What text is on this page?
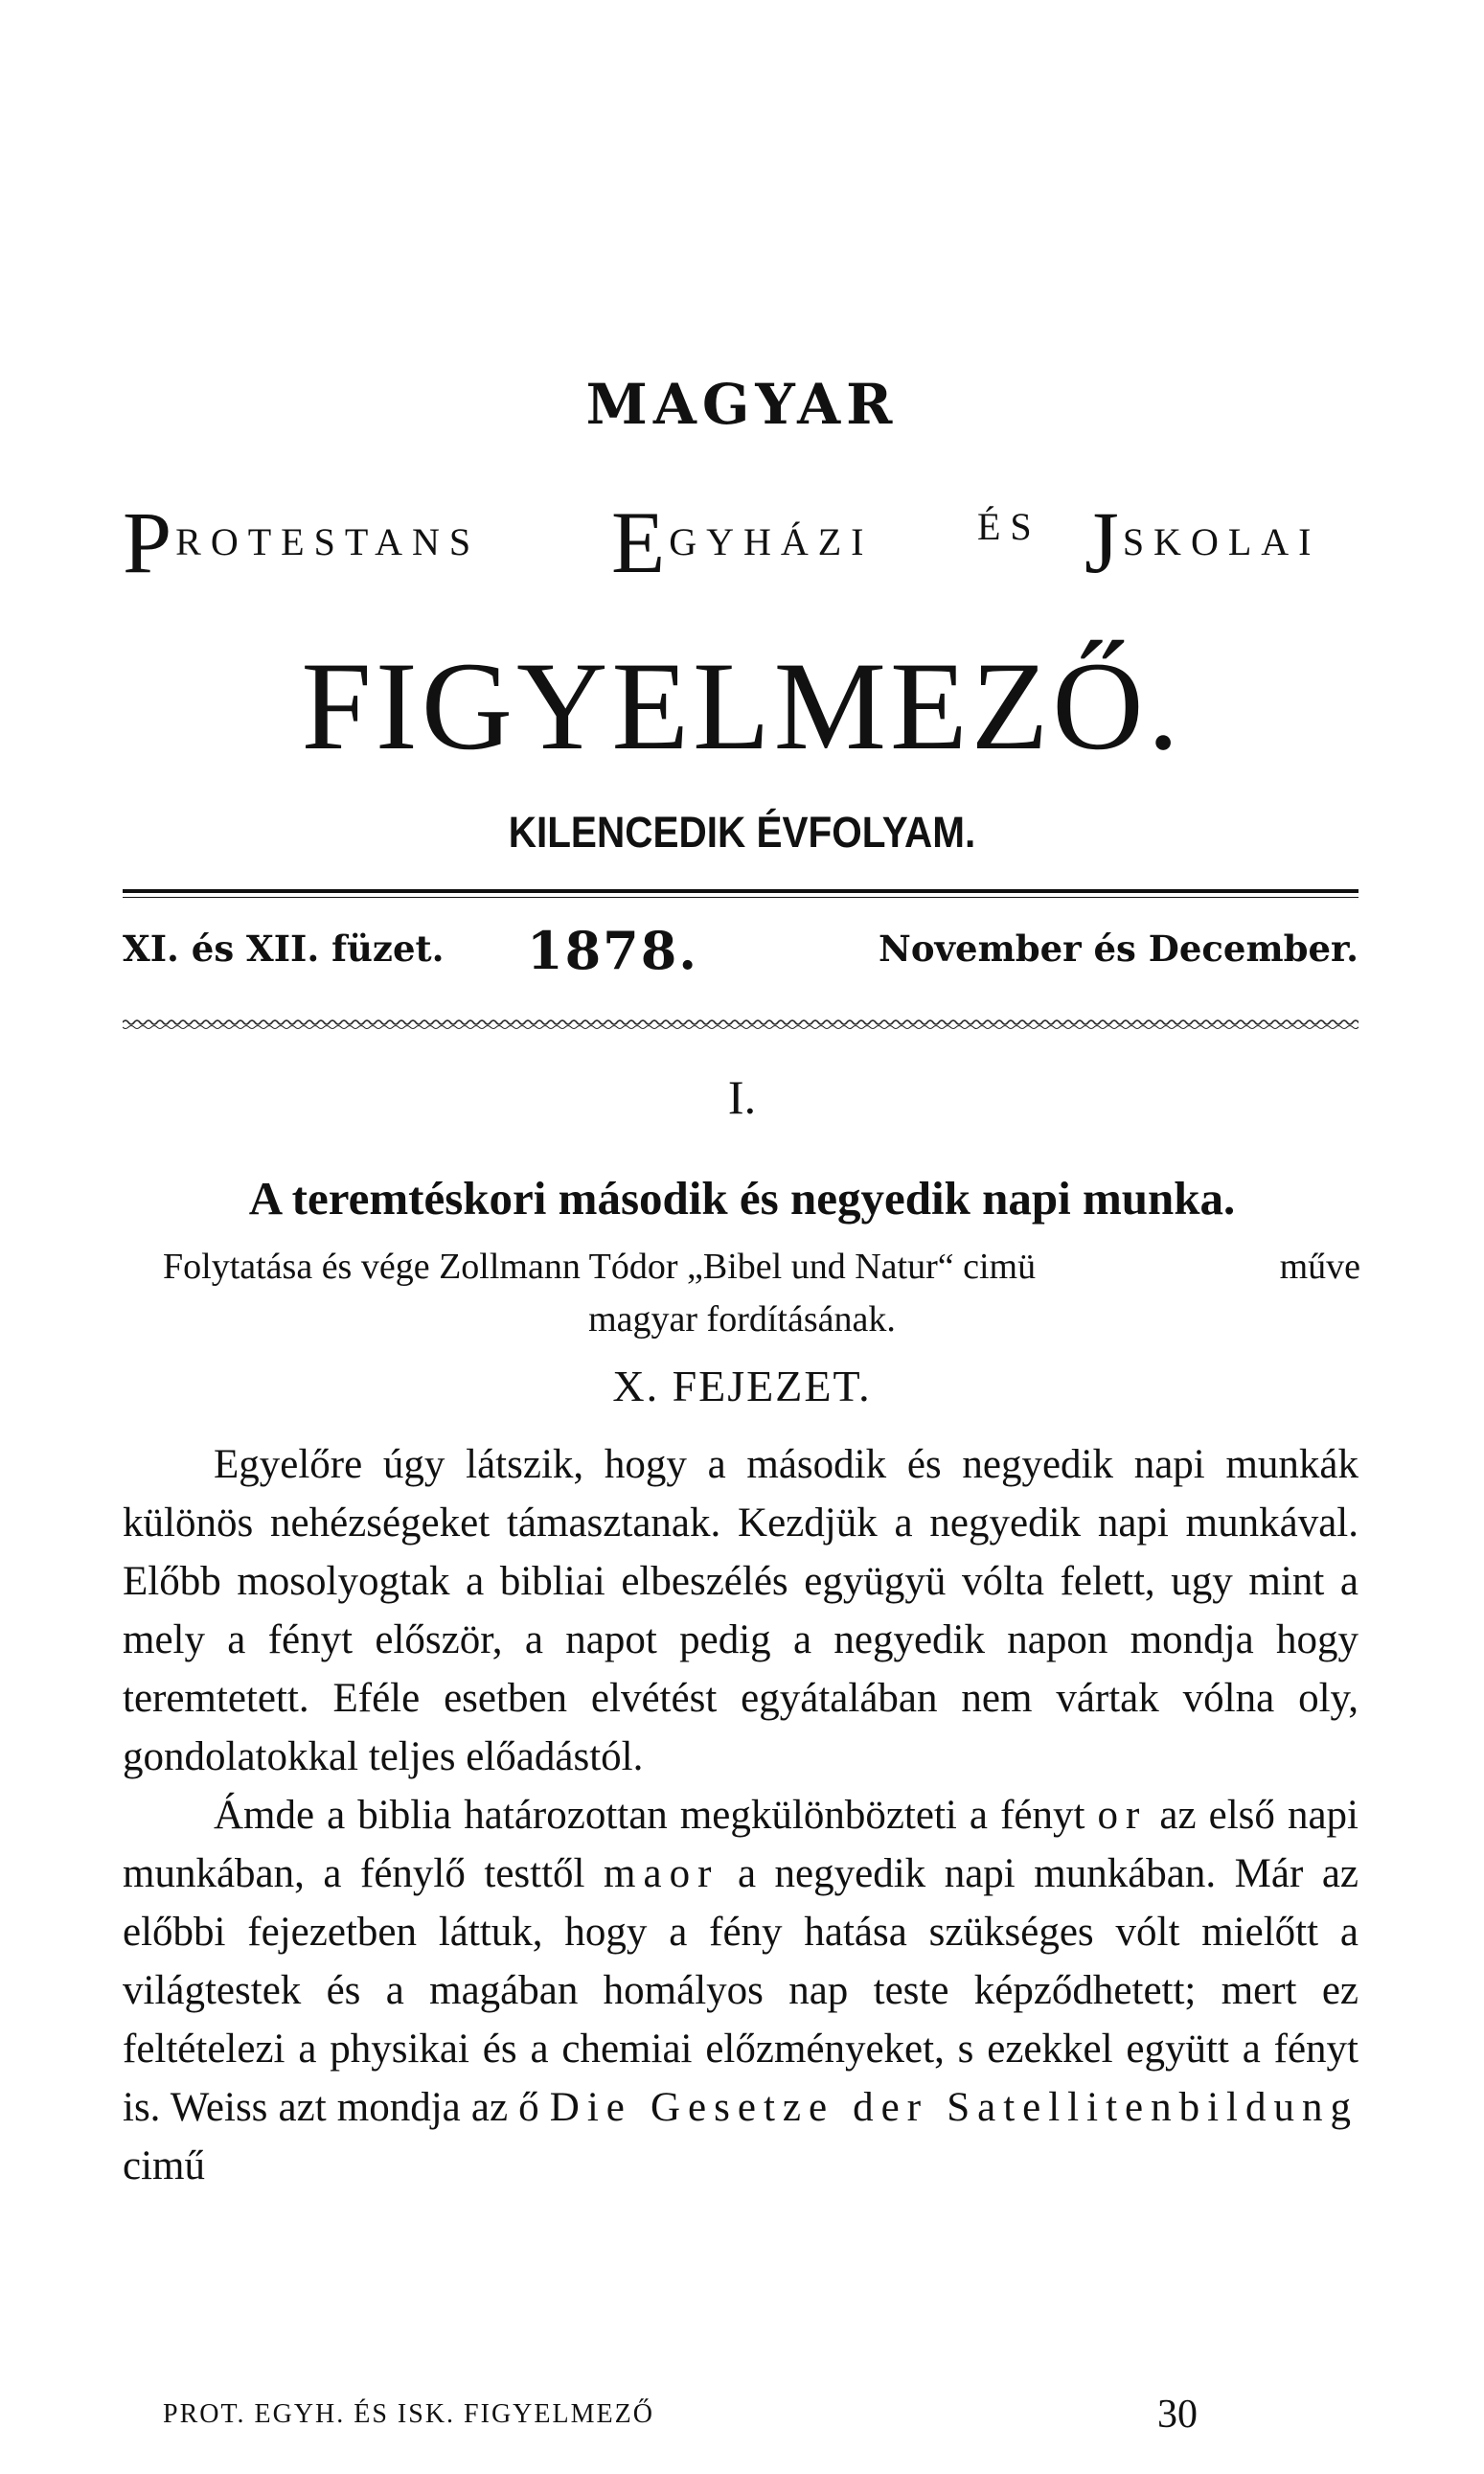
MAGYAR
PROTESTANS EGYHÁZI	ÉS JSKOLAI
FIGYELMEZŐ.
KILENCEDIK ÉVFOLYAM.
XI. és XII. füzet. 1878.	November és December.
I.
A teremtéskori második és negyedik napi munka.
Folytatása és vége Zollmann Tódor „Bibel und Natur“ cimü	műve
magyar fordításának.
X. FEJEZET.

Egyelőre úgy látszik, hogy a második és negyedik napi munkák különös nehézségeket támasztanak. Kezdjük a negyedik napi munkával. Előbb mosolyogtak a bibliai elbeszélés együgyü vólta felett, ugy mint a mely a fényt először, a napot pedig a negyedik napon mondja hogy teremtetett. Eféle esetben elvétést egyátalában nem vártak vólna oly, gondolatokkal teljes előadástól.

Ámde a biblia határozottan megkülönbözteti a fényt or az első napi munkában, a fénylő testtől maor a negyedik napi munkában. Már az előbbi fejezetben láttuk, hogy a fény hatása szükséges vólt mielőtt a világtestek és a magában homályos nap teste képződhetett; mert ez feltételezi a physikai és a chemiai előzményeket, s ezekkel együtt a fényt is. Weiss azt mondja az ő Die Gesetze der Satellitenbildung cimű

PROT. EGYH. ÉS ISK. FIGYELMEZŐ	30
